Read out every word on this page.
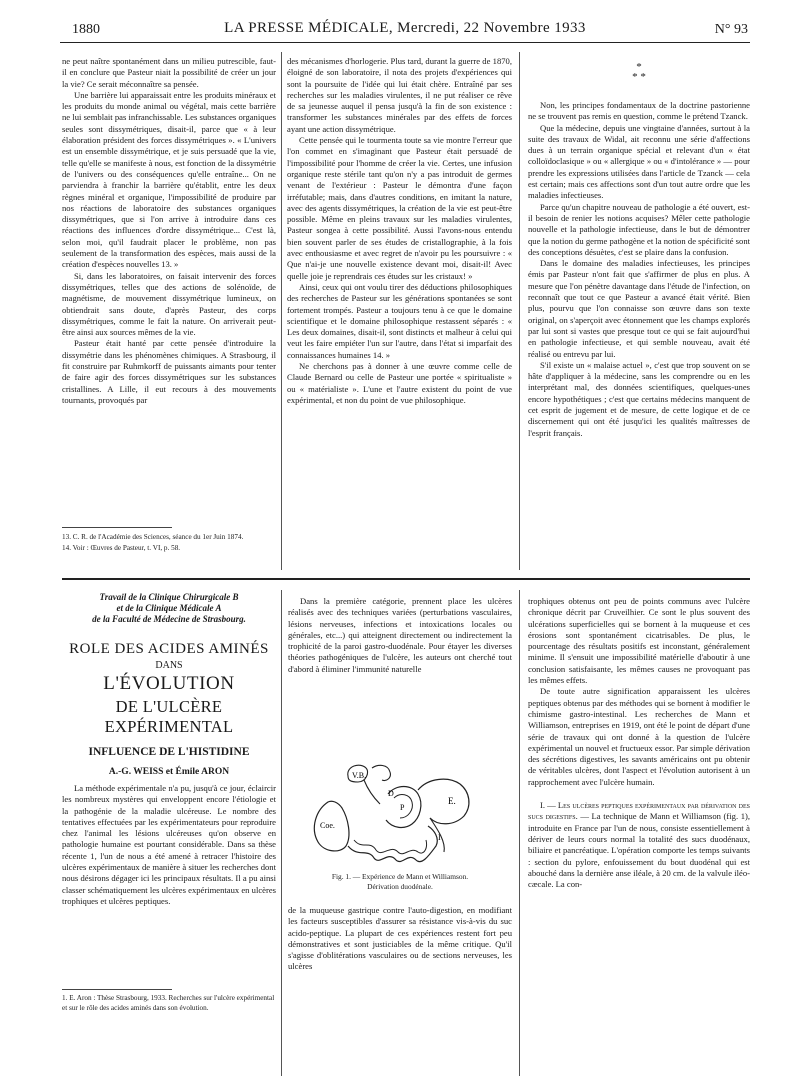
1880	LA PRESSE MÉDICALE, Mercredi, 22 Novembre 1933	N° 93

ne peut naître spontanément dans un milieu putrescible, faut-il en conclure que Pasteur niait la possibilité de créer un jour la vie? Ce serait méconnaître sa pensée.

Une barrière lui apparaissait entre les produits minéraux et les produits du monde animal ou végétal, mais cette barrière ne lui semblait pas infranchissable. Les substances organiques seules sont dissymétriques, disait-il, parce que « à leur élaboration président des forces dissymétriques ». « L'univers est un ensemble dissymétrique, et je suis persuadé que la vie, telle qu'elle se manifeste à nous, est fonction de la dissymétrie de l'univers ou des conséquences qu'elle entraîne... On ne parviendra à franchir la barrière qu'établit, entre les deux règnes minéral et organique, l'impossibilité de produire par nos réactions de laboratoire des substances organiques dissymétriques, que si l'on arrive à introduire dans ces réactions des influences d'ordre dissymétrique... C'est là, selon moi, qu'il faudrait placer le problème, non pas seulement de la transformation des espèces, mais aussi de la création d'espèces nouvelles 13. »

Si, dans les laboratoires, on faisait intervenir des forces dissymétriques, telles que des actions de solénoïde, de magnétisme, de mouvement dissymétrique lumineux, on obtiendrait sans doute, d'après Pasteur, des corps dissymétriques, comme le fait la nature. On arriverait peut-être ainsi aux sources mêmes de la vie.

Pasteur était hanté par cette pensée d'introduire la dissymétrie dans les phénomènes chimiques. A Strasbourg, il fit construire par Ruhmkorff de puissants aimants pour tenter de faire agir des forces dissymétriques sur les substances cristallines. A Lille, il eut recours à des mouvements tournants, provoqués par

13. C. R. de l'Académie des Sciences, séance du 1er Juin 1874.
14. Voir : Œuvres de Pasteur, t. VI, p. 58.

des mécanismes d'horlogerie. Plus tard, durant la guerre de 1870, éloigné de son laboratoire, il nota des projets d'expériences qui sont la poursuite de l'idée qui lui était chère. Entraîné par ses recherches sur les maladies virulentes, il ne put réaliser ce rêve de sa jeunesse auquel il pensa jusqu'à la fin de son existence : transformer les substances minérales par des effets de forces ayant une action dissymétrique.

Cette pensée qui le tourmenta toute sa vie montre l'erreur que l'on commet en s'imaginant que Pasteur était persuadé de l'impossibilité pour l'homme de créer la vie. Certes, une infusion organique reste stérile tant qu'on n'y a pas introduit de germes venant de l'extérieur : Pasteur le démontra d'une façon irréfutable; mais, dans d'autres conditions, en imitant la nature, avec des agents dissymétriques, la création de la vie est peut-être possible. Même en pleins travaux sur les maladies virulentes, Pasteur songea à cette possibilité. Aussi l'avons-nous entendu bien souvent parler de ses études de cristallographie, à la fois avec enthousiasme et avec regret de n'avoir pu les poursuivre : « Que n'ai-je une nouvelle existence devant moi, disait-il! Avec quelle joie je reprendrais ces études sur les cristaux! »

Ainsi, ceux qui ont voulu tirer des déductions philosophiques des recherches de Pasteur sur les générations spontanées se sont fortement trompés. Pasteur a toujours tenu à ce que le domaine scientifique et le domaine philosophique restassent séparés : « Les deux domaines, disait-il, sont distincts et malheur à celui qui veut les faire empiéter l'un sur l'autre, dans l'état si imparfait des connaissances humaines 14. »

Ne cherchons pas à donner à une œuvre comme celle de Claude Bernard ou celle de Pasteur une portée « spiritualiste » ou « matérialiste ». L'une et l'autre existent du point de vue expérimental, et non du point de vue philosophique.

*
* *

Non, les principes fondamentaux de la doctrine pastorienne ne se trouvent pas remis en question, comme le prétend Tzanck.

Que la médecine, depuis une vingtaine d'années, surtout à la suite des travaux de Widal, ait reconnu une série d'affections dues à un terrain organique spécial et relevant d'un « état colloïdoclasique » ou « allergique » ou « d'intolérance » — pour prendre les expressions utilisées dans l'article de Tzanck — cela est certain; mais ces affections sont d'un tout autre ordre que les maladies infectieuses.

Parce qu'un chapitre nouveau de pathologie a été ouvert, est-il besoin de renier les notions acquises? Mêler cette pathologie nouvelle et la pathologie infectieuse, dans le but de démontrer que la notion du germe pathogène et la notion de spécificité sont des conceptions désuètes, c'est se plaire dans la confusion.

Dans le domaine des maladies infectieuses, les principes émis par Pasteur n'ont fait que s'affirmer de plus en plus. A mesure que l'on pénètre davantage dans l'étude de l'infection, on reconnaît que tout ce que Pasteur a avancé était vérité. Bien plus, pourvu que l'on connaisse son œuvre dans son texte original, on s'aperçoit avec étonnement que les champs explorés par lui sont si vastes que presque tout ce qui se fait aujourd'hui en pathologie infectieuse, et qui semble nouveau, avait été réalisé ou entrevu par lui.

S'il existe un « malaise actuel », c'est que trop souvent on se hâte d'appliquer à la médecine, sans les comprendre ou en les interprétant mal, des données scientifiques, quelques-unes encore hypothétiques ; c'est que certains médecins manquent de cet esprit de jugement et de mesure, de cette logique et de ce discernement qui ont été jusqu'ici les qualités maîtresses de l'esprit français.

Travail de la Clinique Chirurgicale B
et de la Clinique Médicale A
de la Faculté de Médecine de Strasbourg.
ROLE DES ACIDES AMINÉS
DANS
L'ÉVOLUTION
DE L'ULCÈRE EXPÉRIMENTAL
INFLUENCE DE L'HISTIDINE
A.-G. WEISS et Émile ARON

La méthode expérimentale n'a pu, jusqu'à ce jour, éclaircir les nombreux mystères qui enveloppent encore l'étiologie et la pathogénie de la maladie ulcéreuse. Le nombre des tentatives effectuées par les expérimentateurs pour reproduire chez l'animal les lésions ulcéreuses qu'on observe en pathologie humaine est pourtant considérable. Dans sa thèse récente 1, l'un de nous a été amené à retracer l'histoire des ulcères expérimentaux de manière à situer les recherches dont nous désirons dégager ici les principaux résultats. Il a pu ainsi classer schématiquement les ulcères expérimentaux en ulcères trophiques et ulcères peptiques.

1. E. Aron : Thèse Strasbourg, 1933. Recherches sur l'ulcère expérimental et sur le rôle des acides aminés dans son évolution.

Dans la première catégorie, prennent place les ulcères réalisés avec des techniques variées (perturbations vasculaires, lésions nerveuses, infections et intoxications locales ou générales, etc...) qui atteignent directement ou indirectement la trophicité de la paroi gastro-duodénale. Pour étayer les diverses théories pathogéniques de l'ulcère, les auteurs ont cherché tout d'abord à éliminer l'immunité naturelle

V.B.
D
P
E.
Coe.
I
Fig. 1. — Expérience de Mann et Williamson.
Dérivation duodénale.

de la muqueuse gastrique contre l'auto-digestion, en modifiant les facteurs susceptibles d'assurer sa résistance vis-à-vis du suc acido-peptique. La plupart de ces expériences restent fort peu démonstratives et sont justiciables de la même critique. Qu'il s'agisse d'oblitérations vasculaires ou de sections nerveuses, les ulcères

trophiques obtenus ont peu de points communs avec l'ulcère chronique décrit par Cruveilhier. Ce sont le plus souvent des ulcérations superficielles qui se bornent à la muqueuse et ces érosions sont spontanément cicatrisables. De plus, le pourcentage des résultats positifs est inconstant, généralement minime. Il s'ensuit une impossibilité matérielle d'aboutir à une conclusion satisfaisante, les mêmes causes ne provoquant pas les mêmes effets.

De toute autre signification apparaissent les ulcères peptiques obtenus par des méthodes qui se bornent à modifier le chimisme gastro-intestinal. Les recherches de Mann et Williamson, entreprises en 1919, ont été le point de départ d'une série de travaux qui ont donné à la question de l'ulcère expérimental un nouvel et fructueux essor. Par simple dérivation des sécrétions digestives, les savants américains ont pu obtenir de véritables ulcères, dont l'aspect et l'évolution autorisent à un rapprochement avec l'ulcère humain.

I. — Les ulcères peptiques expérimentaux par dérivation des sucs digestifs. — La technique de Mann et Williamson (fig. 1), introduite en France par l'un de nous, consiste essentiellement à dériver de leurs cours normal la totalité des sucs duodénaux, biliaire et pancréatique. L'opération comporte les temps suivants : section du pylore, enfouissement du bout duodénal qui est abouché dans la dernière anse iléale, à 20 cm. de la valvule iléo-cæcale. La con-
